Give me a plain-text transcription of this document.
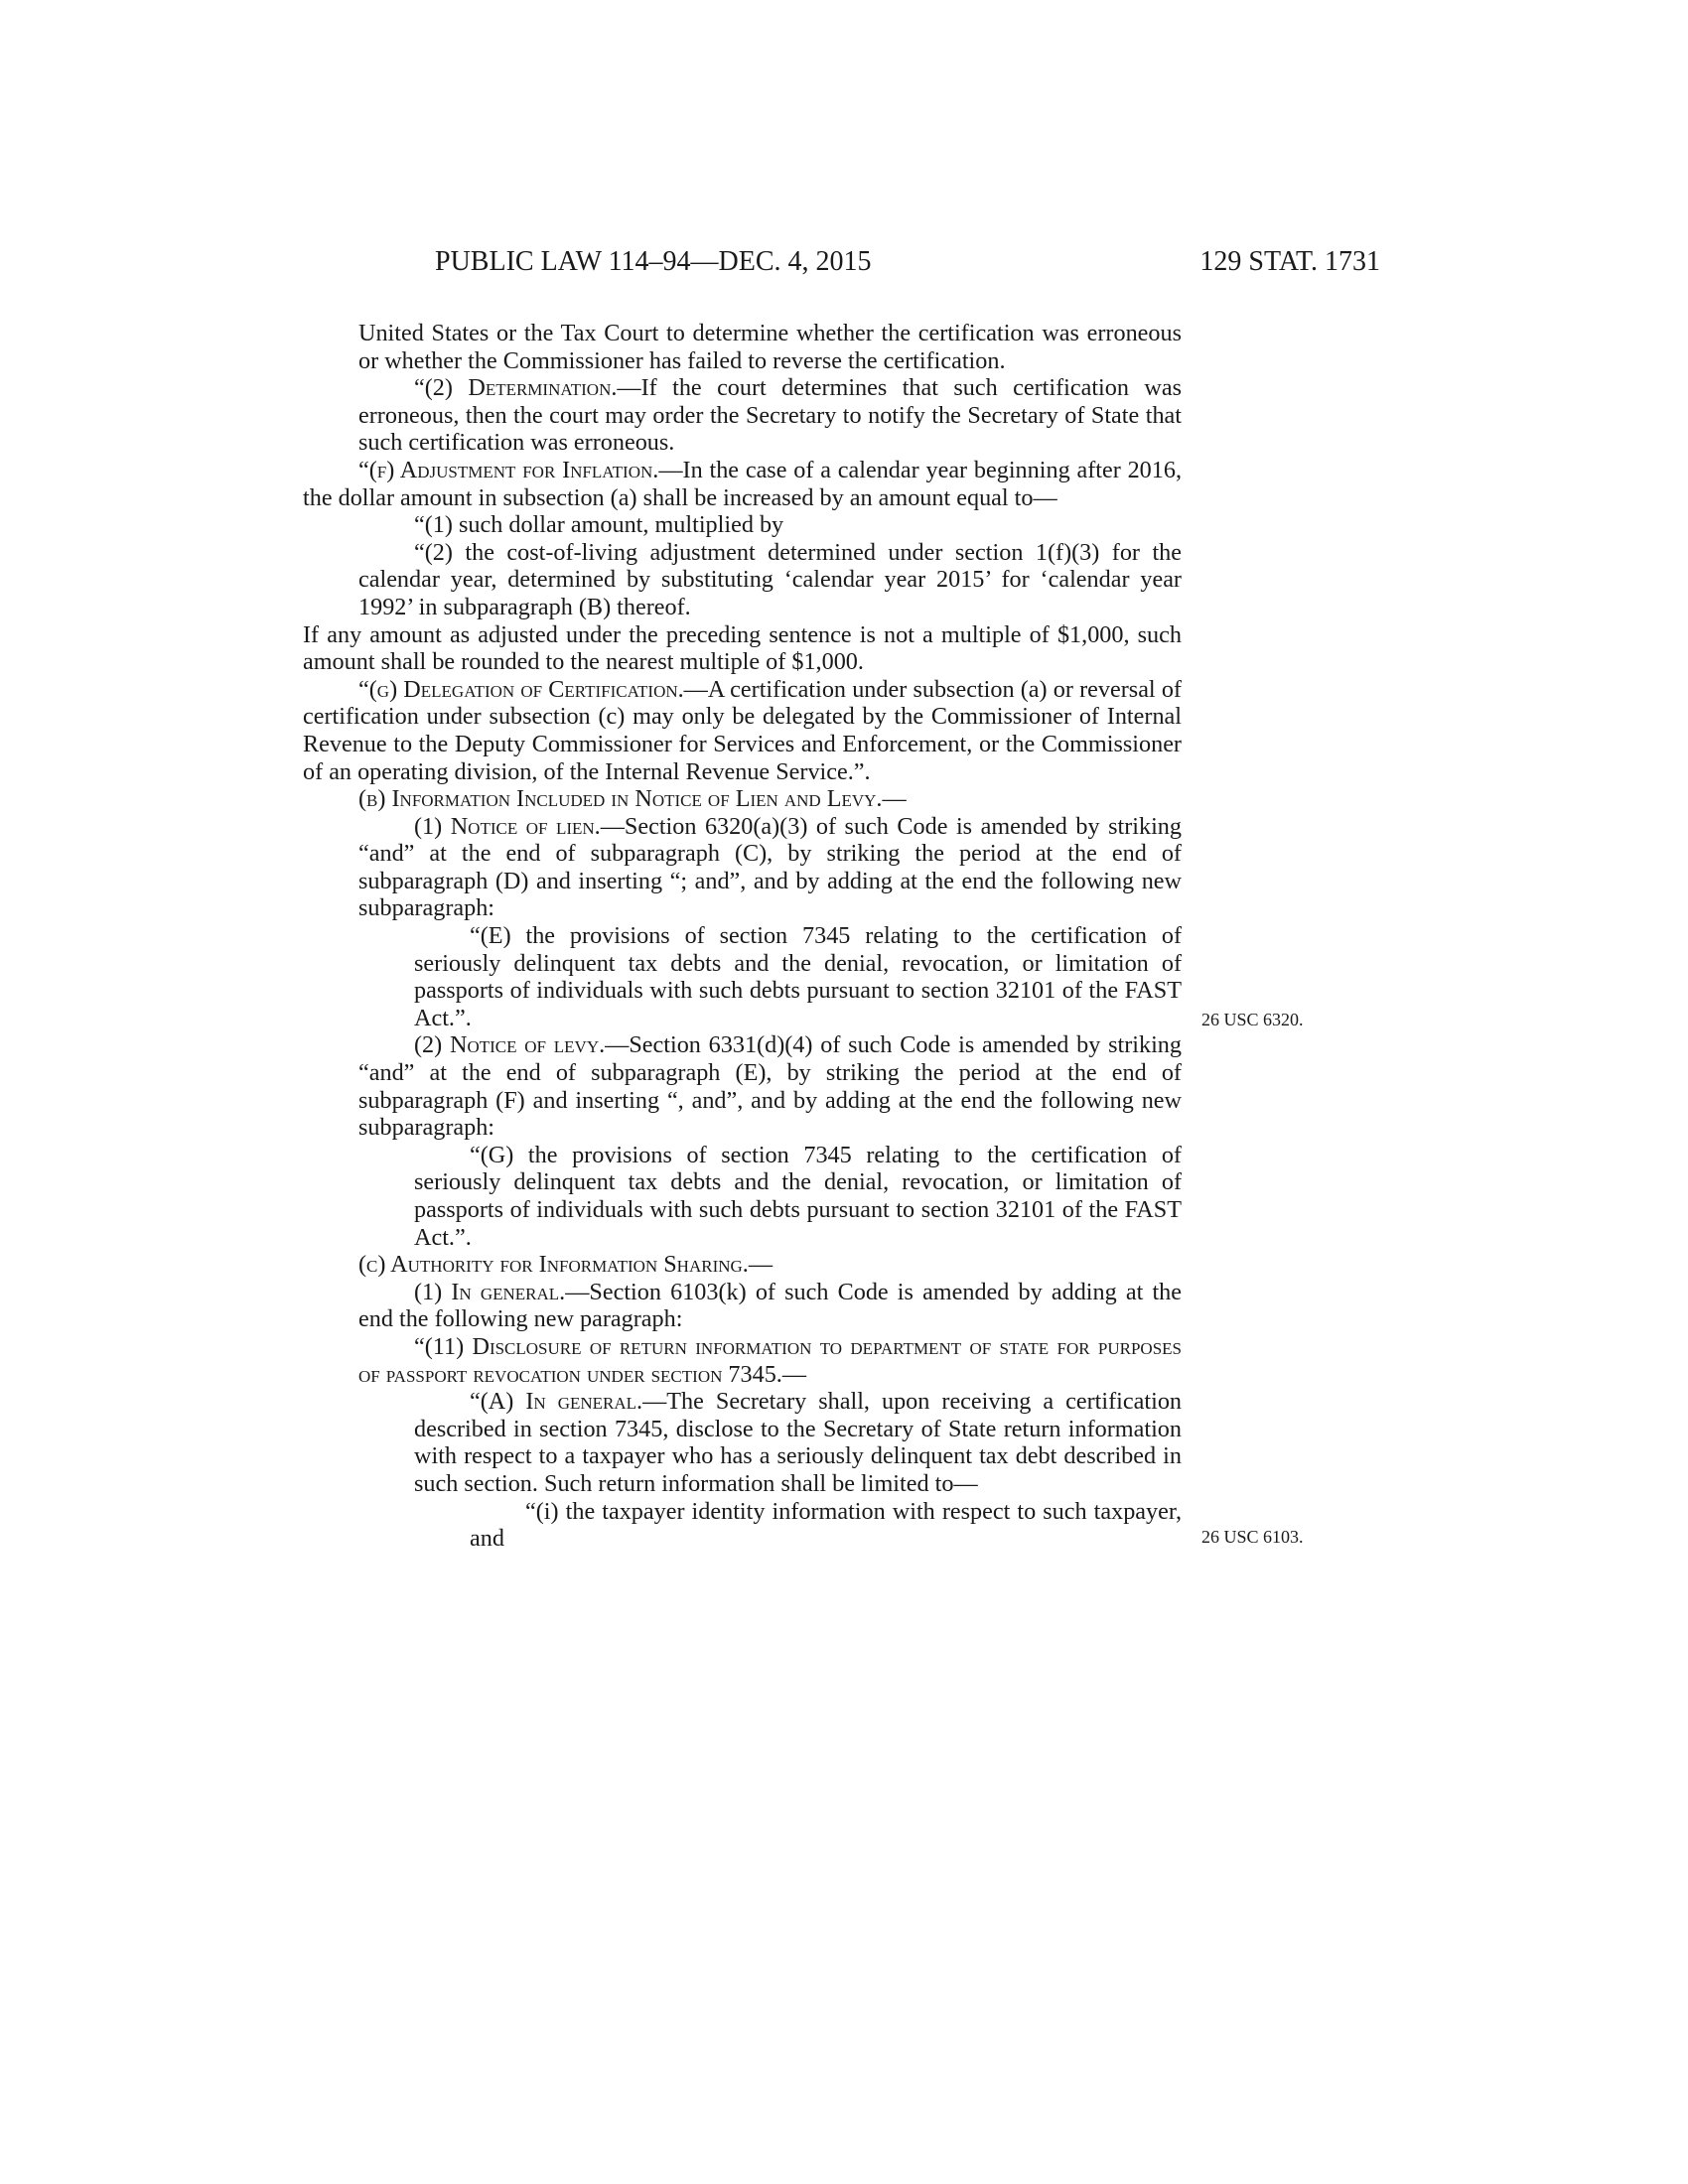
PUBLIC LAW 114–94—DEC. 4, 2015	129 STAT. 1731
26 USC 6320.
26 USC 6103.

United States or the Tax Court to determine whether the certification was erroneous or whether the Commissioner has failed to reverse the certification.

“(2) Determination.—If the court determines that such certification was erroneous, then the court may order the Secretary to notify the Secretary of State that such certification was erroneous.

“(f) Adjustment for Inflation.—In the case of a calendar year beginning after 2016, the dollar amount in subsection (a) shall be increased by an amount equal to—

“(1) such dollar amount, multiplied by

“(2) the cost-of-living adjustment determined under section 1(f)(3) for the calendar year, determined by substituting ‘calendar year 2015’ for ‘calendar year 1992’ in subparagraph (B) thereof.

If any amount as adjusted under the preceding sentence is not a multiple of $1,000, such amount shall be rounded to the nearest multiple of $1,000.

“(g) Delegation of Certification.—A certification under subsection (a) or reversal of certification under subsection (c) may only be delegated by the Commissioner of Internal Revenue to the Deputy Commissioner for Services and Enforcement, or the Commissioner of an operating division, of the Internal Revenue Service.”.

(b) Information Included in Notice of Lien and Levy.—

(1) Notice of lien.—Section 6320(a)(3) of such Code is amended by striking “and” at the end of subparagraph (C), by striking the period at the end of subparagraph (D) and inserting “; and”, and by adding at the end the following new subparagraph:

“(E) the provisions of section 7345 relating to the certification of seriously delinquent tax debts and the denial, revocation, or limitation of passports of individuals with such debts pursuant to section 32101 of the FAST Act.”.

(2) Notice of levy.—Section 6331(d)(4) of such Code is amended by striking “and” at the end of subparagraph (E), by striking the period at the end of subparagraph (F) and inserting “, and”, and by adding at the end the following new subparagraph:

“(G) the provisions of section 7345 relating to the certification of seriously delinquent tax debts and the denial, revocation, or limitation of passports of individuals with such debts pursuant to section 32101 of the FAST Act.”.

(c) Authority for Information Sharing.—

(1) In general.—Section 6103(k) of such Code is amended by adding at the end the following new paragraph:

“(11) Disclosure of return information to department of state for purposes of passport revocation under section 7345.—

“(A) In general.—The Secretary shall, upon receiving a certification described in section 7345, disclose to the Secretary of State return information with respect to a taxpayer who has a seriously delinquent tax debt described in such section. Such return information shall be limited to—

“(i) the taxpayer identity information with respect to such taxpayer, and
